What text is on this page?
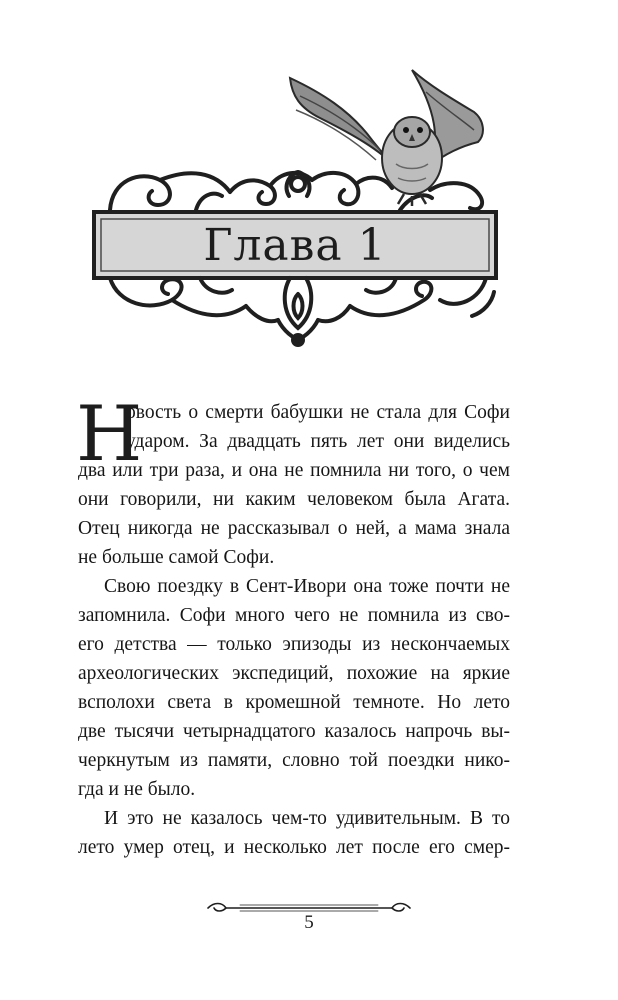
Глава 1
Н
овость о смерти бабушки не стала для Софи
ударом. За двадцать пять лет они виделись
два или три раза, и она не помнила ни того, о чем
они говорили, ни каким человеком была Агата.
Отец никогда не рассказывал о ней, а мама знала
не больше самой Софи.
Свою поездку в Сент-Ивори она тоже почти не
запомнила. Софи много чего не помнила из сво-
его детства — только эпизоды из нескончаемых
археологических экспедиций, похожие на яркие
всполохи света в кромешной темноте. Но лето
две тысячи четырнадцатого казалось напрочь вы-
черкнутым из памяти, словно той поездки нико-
гда и не было.
И это не казалось чем-то удивительным. В то
лето умер отец, и несколько лет после его смер-
5
